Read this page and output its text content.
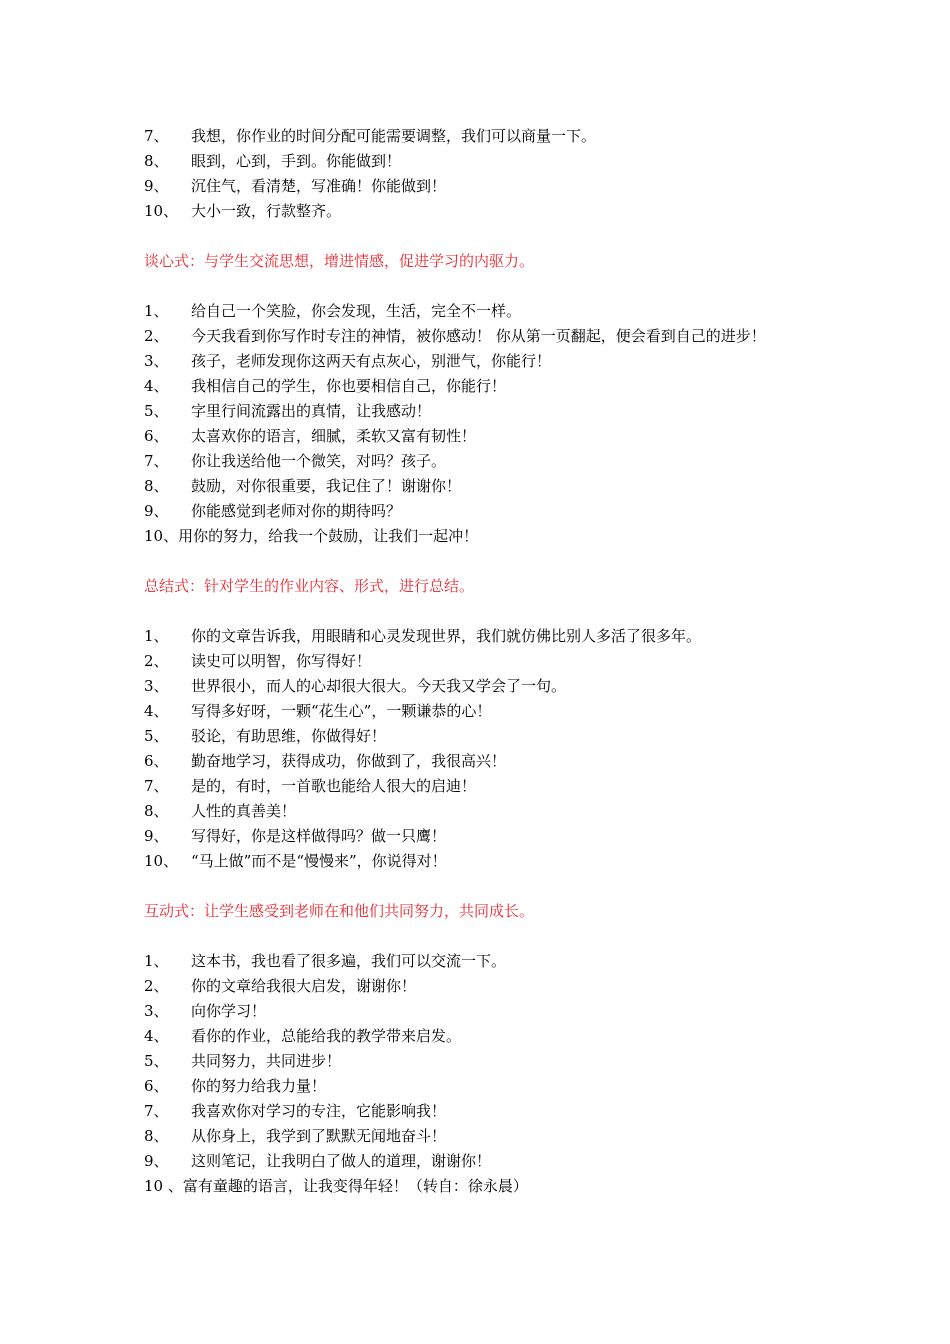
7、	我想，你作业的时间分配可能需要调整，我们可以商量一下。
8、	眼到，心到，手到。你能做到！
9、	沉住气，看清楚，写准确！你能做到！
10、 大小一致，行款整齐。
谈心式：与学生交流思想，增进情感，促进学习的内驱力。
1、	给自己一个笑脸，你会发现，生活，完全不一样。
2、	今天我看到你写作时专注的神情，被你感动！ 你从第一页翻起，便会看到自己的进步！
3、	孩子，老师发现你这两天有点灰心，别泄气，你能行！
4、	我相信自己的学生，你也要相信自己，你能行！
5、	字里行间流露出的真情，让我感动！
6、	太喜欢你的语言，细腻，柔软又富有韧性！
7、	你让我送给他一个微笑，对吗？孩子。
8、	鼓励，对你很重要，我记住了！谢谢你！
9、	你能感觉到老师对你的期待吗？
10、 用你的努力，给我一个鼓励，让我们一起冲！
总结式：针对学生的作业内容、形式，进行总结。
1、	你的文章告诉我，用眼睛和心灵发现世界，我们就仿佛比别人多活了很多年。
2、	读史可以明智，你写得好！
3、	世界很小，而人的心却很大很大。今天我又学会了一句。
4、	写得多好呀，一颗“花生心”，一颗谦恭的心！
5、	驳论，有助思维，你做得好！
6、	勤奋地学习，获得成功，你做到了，我很高兴！
7、	是的，有时，一首歌也能给人很大的启迪！
8、	人性的真善美！
9、	写得好，你是这样做得吗？做一只鹰！
10、 “马上做”而不是“慢慢来”，你说得对！
互动式：让学生感受到老师在和他们共同努力，共同成长。
1、	这本书，我也看了很多遍，我们可以交流一下。
2、	你的文章给我很大启发，谢谢你！
3、	向你学习！
4、	看你的作业，总能给我的教学带来启发。
5、	共同努力，共同进步！
6、	你的努力给我力量！
7、	我喜欢你对学习的专注，它能影响我！
8、	从你身上，我学到了默默无闻地奋斗！
9、	这则笔记，让我明白了做人的道理，谢谢你！
10 、 富有童趣的语言，让我变得年轻！（转自：徐永晨）
